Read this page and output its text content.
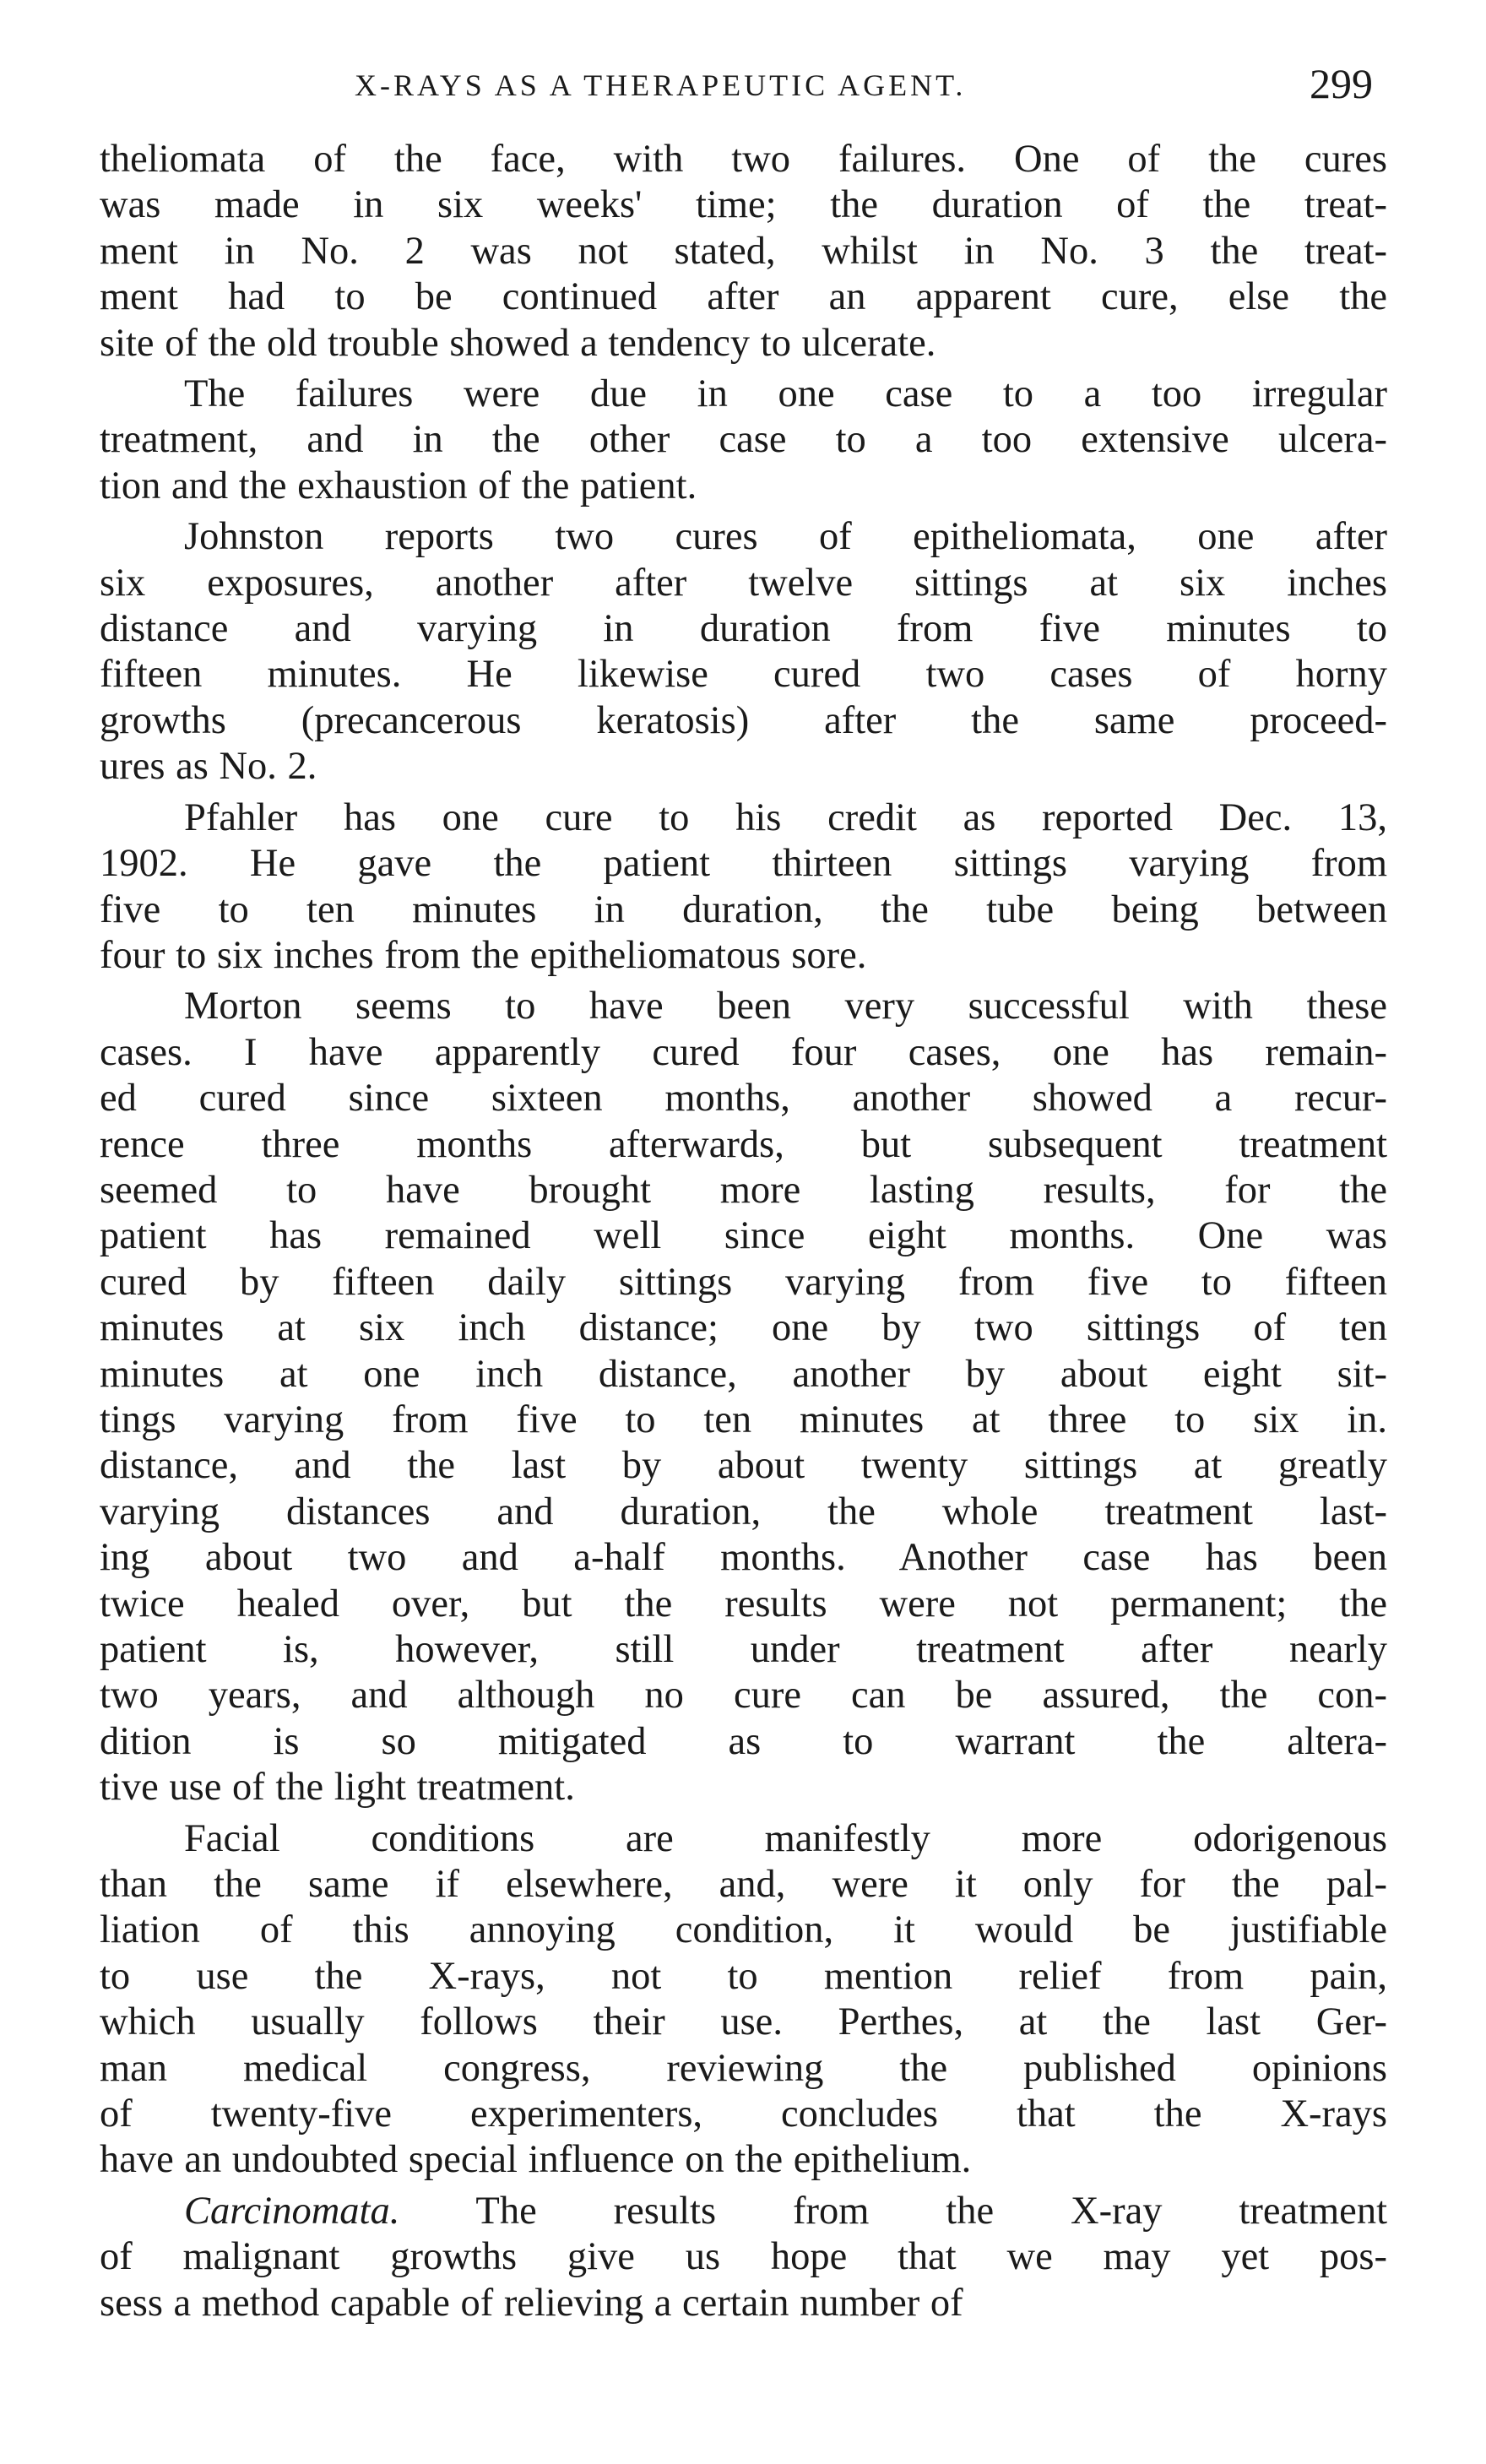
X-RAYS AS A THERAPEUTIC AGENT.	299

theliomata of the face, with two failures. One of the cures
was made in six weeks' time; the duration of the treat-
ment in No. 2 was not stated, whilst in No. 3 the treat-
ment had to be continued after an apparent cure, else the
site of the old trouble showed a tendency to ulcerate.

The failures were due in one case to a too irregular
treatment, and in the other case to a too extensive ulcera-
tion and the exhaustion of the patient.

Johnston reports two cures of epitheliomata, one after
six exposures, another after twelve sittings at six inches
distance and varying in duration from five minutes to
fifteen minutes. He likewise cured two cases of horny
growths (precancerous keratosis) after the same proceed-
ures as No. 2.

Pfahler has one cure to his credit as reported Dec. 13,
1902. He gave the patient thirteen sittings varying from
five to ten minutes in duration, the tube being between
four to six inches from the epitheliomatous sore.

Morton seems to have been very successful with these
cases. I have apparently cured four cases, one has remain-
ed cured since sixteen months, another showed a recur-
rence three months afterwards, but subsequent treatment
seemed to have brought more lasting results, for the
patient has remained well since eight months. One was
cured by fifteen daily sittings varying from five to fifteen
minutes at six inch distance; one by two sittings of ten
minutes at one inch distance, another by about eight sit-
tings varying from five to ten minutes at three to six in.
distance, and the last by about twenty sittings at greatly
varying distances and duration, the whole treatment last-
ing about two and a-half months. Another case has been
twice healed over, but the results were not permanent; the
patient is, however, still under treatment after nearly
two years, and although no cure can be assured, the con-
dition is so mitigated as to warrant the altera-
tive use of the light treatment.

Facial conditions are manifestly more odorigenous
than the same if elsewhere, and, were it only for the pal-
liation of this annoying condition, it would be justifiable
to use the X-rays, not to mention relief from pain,
which usually follows their use. Perthes, at the last Ger-
man medical congress, reviewing the published opinions
of twenty-five experimenters, concludes that the X-rays
have an undoubted special influence on the epithelium.

Carcinomata. The results from the X-ray treatment
of malignant growths give us hope that we may yet pos-
sess a method capable of relieving a certain number of
